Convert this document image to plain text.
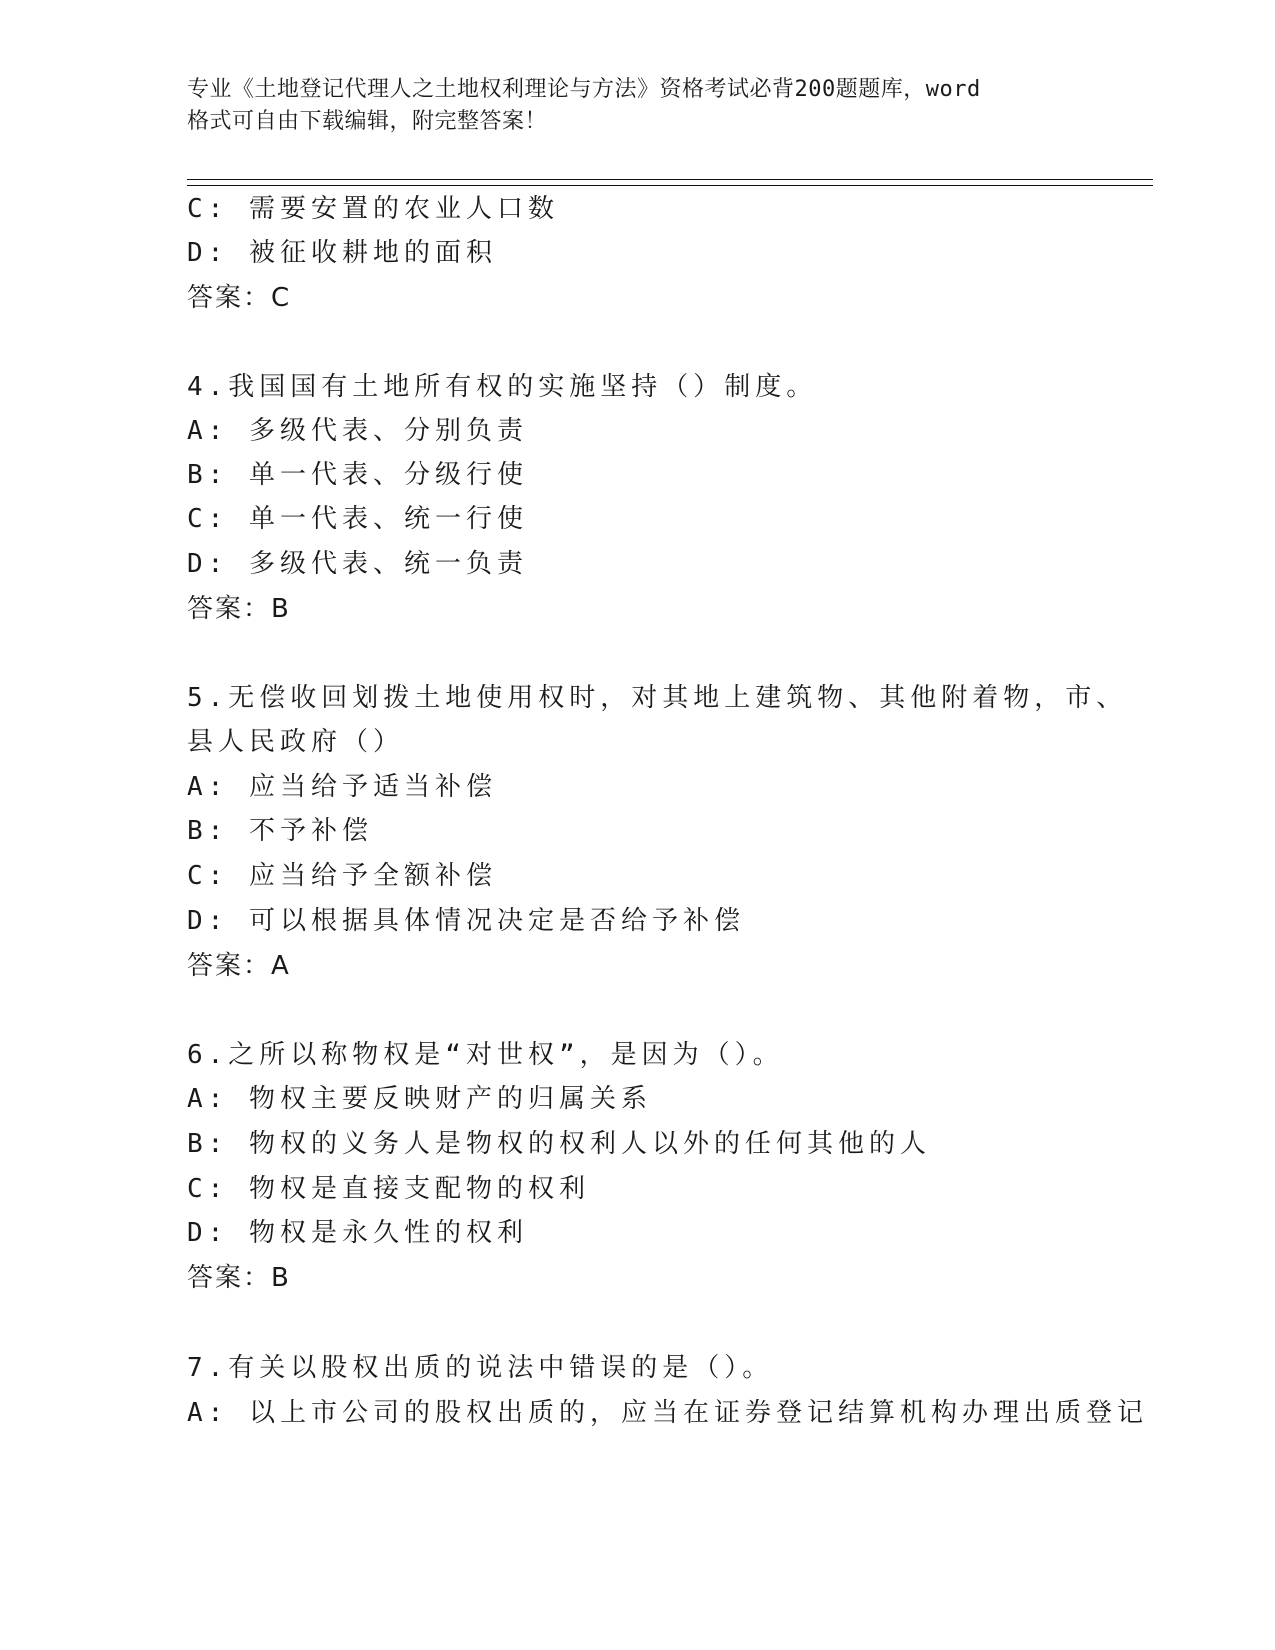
专业《土地登记代理人之土地权利理论与方法》资格考试必背200题题库，word
格式可自由下载编辑，附完整答案！
C: 需要安置的农业人口数
D: 被征收耕地的面积
答案：C
4.我国国有土地所有权的实施坚持（）制度。
A: 多级代表、分别负责
B: 单一代表、分级行使
C: 单一代表、统一行使
D: 多级代表、统一负责
答案：B
5.无偿收回划拨土地使用权时，对其地上建筑物、其他附着物，市、
县人民政府（）
A: 应当给予适当补偿
B: 不予补偿
C: 应当给予全额补偿
D: 可以根据具体情况决定是否给予补偿
答案：A
6.之所以称物权是“对世权”，是因为（）。
A: 物权主要反映财产的归属关系
B: 物权的义务人是物权的权利人以外的任何其他的人
C: 物权是直接支配物的权利
D: 物权是永久性的权利
答案：B
7.有关以股权出质的说法中错误的是（）。
A: 以上市公司的股权出质的，应当在证券登记结算机构办理出质登记
